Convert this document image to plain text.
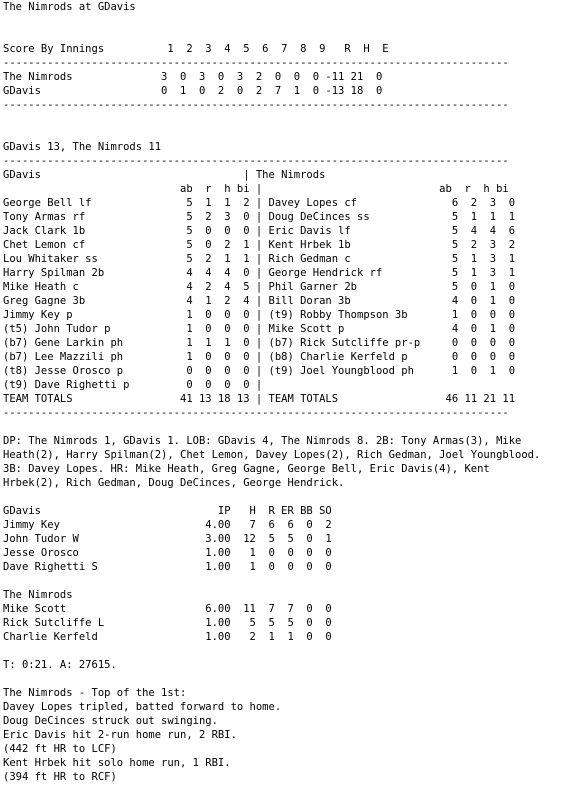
The Nimrods at GDavis
Score By Innings          1  2  3  4  5  6  7  8  9   R  H  E
--------------------------------------------------------------------------------
The Nimrods              3  0  3  0  3  2  0  0  0 -11 21  0
GDavis                   0  1  0  2  0  2  7  1  0 -13 18  0
--------------------------------------------------------------------------------
GDavis 13, The Nimrods 11
--------------------------------------------------------------------------------
GDavis                                | The Nimrods
ab  r  h bi |                            ab  r  h bi
George Bell lf               5  1  1  2 | Davey Lopes cf               6  2  3  0
Tony Armas rf                5  2  3  0 | Doug DeCinces ss             5  1  1  1
Jack Clark 1b                5  0  0  0 | Eric Davis lf                5  4  4  6
Chet Lemon cf                5  0  2  1 | Kent Hrbek 1b                5  2  3  2
Lou Whitaker ss              5  2  1  1 | Rich Gedman c                5  1  3  1
Harry Spilman 2b             4  4  4  0 | George Hendrick rf           5  1  3  1
Mike Heath c                 4  2  4  5 | Phil Garner 2b               5  0  1  0
Greg Gagne 3b                4  1  2  4 | Bill Doran 3b                4  0  1  0
Jimmy Key p                  1  0  0  0 | (t9) Robby Thompson 3b       1  0  0  0
(t5) John Tudor p            1  0  0  0 | Mike Scott p                 4  0  1  0
(b7) Gene Larkin ph          1  1  1  0 | (b7) Rick Sutcliffe pr-p     0  0  0  0
(b7) Lee Mazzili ph          1  0  0  0 | (b8) Charlie Kerfeld p       0  0  0  0
(t8) Jesse Orosco p          0  0  0  0 | (t9) Joel Youngblood ph      1  0  1  0
(t9) Dave Righetti p         0  0  0  0 |
TEAM TOTALS                 41 13 18 13 | TEAM TOTALS                 46 11 21 11
--------------------------------------------------------------------------------
DP: The Nimrods 1, GDavis 1. LOB: GDavis 4, The Nimrods 8. 2B: Tony Armas(3), Mike
Heath(2), Harry Spilman(2), Chet Lemon, Davey Lopes(2), Rich Gedman, Joel Youngblood.
3B: Davey Lopes. HR: Mike Heath, Greg Gagne, George Bell, Eric Davis(4), Kent
Hrbek(2), Rich Gedman, Doug DeCinces, George Hendrick.
GDavis                            IP   H  R ER BB SO
Jimmy Key                       4.00   7  6  6  0  2
John Tudor W                    3.00  12  5  5  0  1
Jesse Orosco                    1.00   1  0  0  0  0
Dave Righetti S                 1.00   1  0  0  0  0
The Nimrods
Mike Scott                      6.00  11  7  7  0  0
Rick Sutcliffe L                1.00   5  5  5  0  0
Charlie Kerfeld                 1.00   2  1  1  0  0
T: 0:21. A: 27615.
The Nimrods - Top of the 1st:
Davey Lopes tripled, batted forward to home.
Doug DeCinces struck out swinging.
Eric Davis hit 2-run home run, 2 RBI.
(442 ft HR to LCF)
Kent Hrbek hit solo home run, 1 RBI.
(394 ft HR to RCF)
